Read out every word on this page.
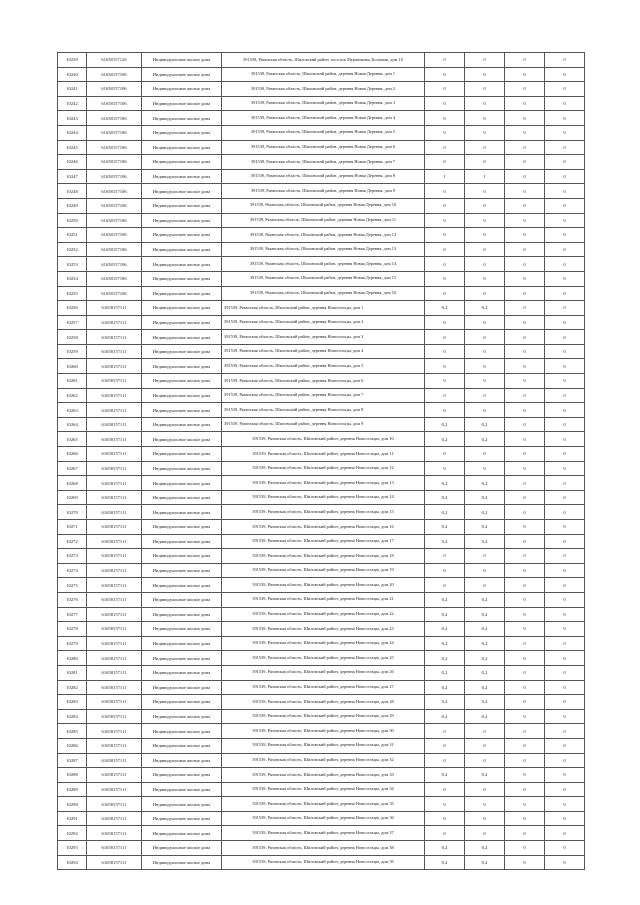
10239	61658157126	Индивидуальные жилые дома	391538, Рязанская область, Шиловский район, поселок Муравлянка, Большая, дом 10	0	0	0	0
10240	61658157106	Индивидуальные жилые дома	391539, Рязанская область, Шиловский район, деревня Новая Деревня, дом 1	0	0	0	0
10241	61658157106	Индивидуальные жилые дома	391539, Рязанская область, Шиловский район, деревня Новая Деревня, дом 2	0	0	0	0
10242	61658157106	Индивидуальные жилые дома	391539, Рязанская область, Шиловский район, деревня Новая Деревня, дом 3	0	0	0	0
10243	61658157106	Индивидуальные жилые дома	391539, Рязанская область, Шиловский район, деревня Новая Деревня, дом 4	0	0	0	0
10244	61658157106	Индивидуальные жилые дома	391539, Рязанская область, Шиловский район, деревня Новая Деревня, дом 5	0	0	0	0
10245	61658157106	Индивидуальные жилые дома	391539, Рязанская область, Шиловский район, деревня Новая Деревня, дом 6	0	0	0	0
10246	61658157106	Индивидуальные жилые дома	391539, Рязанская область, Шиловский район, деревня Новая Деревня, дом 7	0	0	0	0
10247	61658157106	Индивидуальные жилые дома	391539, Рязанская область, Шиловский район, деревня Новая Деревня, дом 8	1	1	0	0
10248	61658157106	Индивидуальные жилые дома	391539, Рязанская область, Шиловский район, деревня Новая Деревня, дом 9	0	0	0	0
10249	61658157106	Индивидуальные жилые дома	391539, Рязанская область, Шиловский район, деревня Новая Деревня, дом 10	0	0	0	0
10250	61658157106	Индивидуальные жилые дома	391539, Рязанская область, Шиловский район, деревня Новая Деревня, дом 11	0	0	0	0
10251	61658157106	Индивидуальные жилые дома	391539, Рязанская область, Шиловский район, деревня Новая Деревня, дом 12	0	0	0	0
10252	61658157106	Индивидуальные жилые дома	391539, Рязанская область, Шиловский район, деревня Новая Деревня, дом 13	0	0	0	0
10253	61658157106	Индивидуальные жилые дома	391539, Рязанская область, Шиловский район, деревня Новая Деревня, дом 14	0	0	0	0
10254	61658157106	Индивидуальные жилые дома	391539, Рязанская область, Шиловский район, деревня Новая Деревня, дом 15	0	0	0	0
10255	61658157106	Индивидуальные жилые дома	391539, Рязанская область, Шиловский район, деревня Новая Деревня, дом 16	0	0	0	0
10256	61658157111	Индивидуальные жилые дома	391539, Рязанская область, Шиловский район, деревня Новосельцы, дом 1	0,2	0,2	0	0
10257	61658157111	Индивидуальные жилые дома	391539, Рязанская область, Шиловский район, деревня Новосельцы, дом 2	0	0	0	0
10258	61658157111	Индивидуальные жилые дома	391539, Рязанская область, Шиловский район, деревня Новосельцы, дом 3	0	0	0	0
10259	61658157111	Индивидуальные жилые дома	391539, Рязанская область, Шиловский район, деревня Новосельцы, дом 4	0	0	0	0
10260	61658157111	Индивидуальные жилые дома	391539, Рязанская область, Шиловский район, деревня Новосельцы, дом 5	0	0	0	0
10261	61658157111	Индивидуальные жилые дома	391539, Рязанская область, Шиловский район, деревня Новосельцы, дом 6	0	0	0	0
10262	61658157111	Индивидуальные жилые дома	391539, Рязанская область, Шиловский район, деревня Новосельцы, дом 7	0	0	0	0
10263	61658157111	Индивидуальные жилые дома	391539, Рязанская область, Шиловский район, деревня Новосельцы, дом 8	0	0	0	0
10264	61658157111	Индивидуальные жилые дома	391539, Рязанская область, Шиловский район, деревня Новосельцы, дом 9	0,2	0,2	0	0
10265	61658157111	Индивидуальные жилые дома	391539, Рязанская область, Шиловский район, деревня Новосельцы, дом 10	0,2	0,2	0	0
10266	61658157111	Индивидуальные жилые дома	391539, Рязанская область, Шиловский район, деревня Новосельцы, дом 11	0	0	0	0
10267	61658157111	Индивидуальные жилые дома	391539, Рязанская область, Шиловский район, деревня Новосельцы, дом 12	0	0	0	0
10268	61658157111	Индивидуальные жилые дома	391539, Рязанская область, Шиловский район, деревня Новосельцы, дом 13	0,2	0,2	0	0
10269	61658157111	Индивидуальные жилые дома	391539, Рязанская область, Шиловский район, деревня Новосельцы, дом 14	0,2	0,2	0	0
10270	61658157111	Индивидуальные жилые дома	391539, Рязанская область, Шиловский район, деревня Новосельцы, дом 15	0,2	0,2	0	0
10271	61658157111	Индивидуальные жилые дома	391539, Рязанская область, Шиловский район, деревня Новосельцы, дом 16	0,2	0,2	0	0
10272	61658157111	Индивидуальные жилые дома	391539, Рязанская область, Шиловский район, деревня Новосельцы, дом 17	0,2	0,2	0	0
10273	61658157111	Индивидуальные жилые дома	391539, Рязанская область, Шиловский район, деревня Новосельцы, дом 18	0	0	0	0
10274	61658157111	Индивидуальные жилые дома	391539, Рязанская область, Шиловский район, деревня Новосельцы, дом 19	0	0	0	0
10275	61658157111	Индивидуальные жилые дома	391539, Рязанская область, Шиловский район, деревня Новосельцы, дом 20	0	0	0	0
10276	61658157111	Индивидуальные жилые дома	391539, Рязанская область, Шиловский район, деревня Новосельцы, дом 21	0,2	0,2	0	0
10277	61658157111	Индивидуальные жилые дома	391539, Рязанская область, Шиловский район, деревня Новосельцы, дом 22	0,2	0,2	0	0
10278	61658157111	Индивидуальные жилые дома	391539, Рязанская область, Шиловский район, деревня Новосельцы, дом 23	0,2	0,2	0	0
10279	61658157111	Индивидуальные жилые дома	391539, Рязанская область, Шиловский район, деревня Новосельцы, дом 24	0,2	0,2	0	0
10280	61658157111	Индивидуальные жилые дома	391539, Рязанская область, Шиловский район, деревня Новосельцы, дом 25	0,2	0,2	0	0
10281	61658157111	Индивидуальные жилые дома	391539, Рязанская область, Шиловский район, деревня Новосельцы, дом 26	0,2	0,2	0	0
10282	61658157111	Индивидуальные жилые дома	391539, Рязанская область, Шиловский район, деревня Новосельцы, дом 27	0,2	0,2	0	0
10283	61658157111	Индивидуальные жилые дома	391539, Рязанская область, Шиловский район, деревня Новосельцы, дом 28	0,2	0,2	0	0
10284	61658157111	Индивидуальные жилые дома	391539, Рязанская область, Шиловский район, деревня Новосельцы, дом 29	0,2	0,2	0	0
10285	61658157111	Индивидуальные жилые дома	391539, Рязанская область, Шиловский район, деревня Новосельцы, дом 30	0	0	0	0
10286	61658157111	Индивидуальные жилые дома	391539, Рязанская область, Шиловский район, деревня Новосельцы, дом 31	0	0	0	0
10287	61658157111	Индивидуальные жилые дома	391539, Рязанская область, Шиловский район, деревня Новосельцы, дом 32	0	0	0	0
10288	61658157111	Индивидуальные жилые дома	391539, Рязанская область, Шиловский район, деревня Новосельцы, дом 33	0,2	0,2	0	0
10289	61658157111	Индивидуальные жилые дома	391539, Рязанская область, Шиловский район, деревня Новосельцы, дом 34	0	0	0	0
10290	61658157111	Индивидуальные жилые дома	391539, Рязанская область, Шиловский район, деревня Новосельцы, дом 35	0	0	0	0
10291	61658157111	Индивидуальные жилые дома	391539, Рязанская область, Шиловский район, деревня Новосельцы, дом 36	0	0	0	0
10292	61658157111	Индивидуальные жилые дома	391539, Рязанская область, Шиловский район, деревня Новосельцы, дом 37	0	0	0	0
10293	61658157111	Индивидуальные жилые дома	391539, Рязанская область, Шиловский район, деревня Новосельцы, дом 38	0,2	0,2	0	0
10294	61658157111	Индивидуальные жилые дома	391539, Рязанская область, Шиловский район, деревня Новосельцы, дом 39	0,2	0,2	0	0
